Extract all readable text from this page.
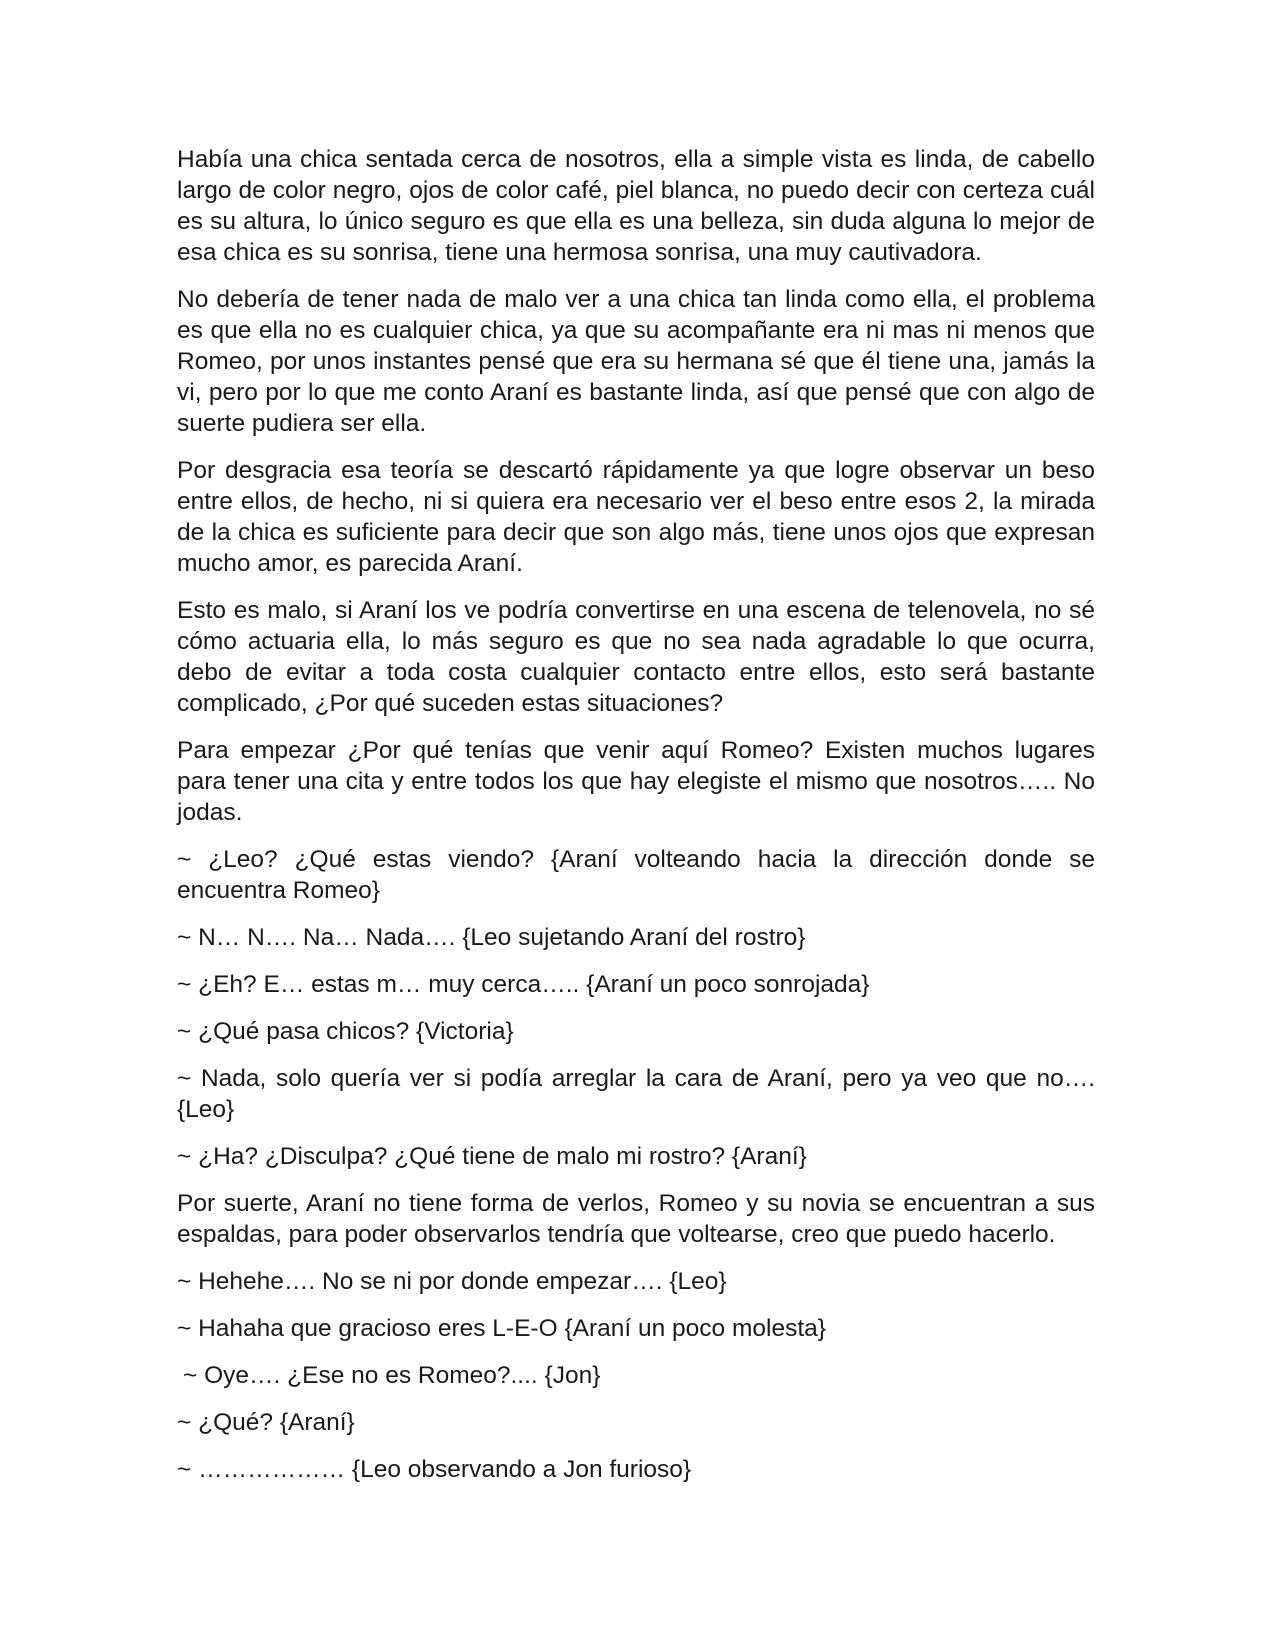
Había una chica sentada cerca de nosotros, ella a simple vista es linda, de cabello largo de color negro, ojos de color café, piel blanca, no puedo decir con certeza cuál es su altura, lo único seguro es que ella es una belleza, sin duda alguna lo mejor de esa chica es su sonrisa, tiene una hermosa sonrisa, una muy cautivadora.

No debería de tener nada de malo ver a una chica tan linda como ella, el problema es que ella no es cualquier chica, ya que su acompañante era ni mas ni menos que Romeo, por unos instantes pensé que era su hermana sé que él tiene una, jamás la vi, pero por lo que me conto Araní es bastante linda, así que pensé que con algo de suerte pudiera ser ella.

Por desgracia esa teoría se descartó rápidamente ya que logre observar un beso entre ellos, de hecho, ni si quiera era necesario ver el beso entre esos 2, la mirada de la chica es suficiente para decir que son algo más, tiene unos ojos que expresan mucho amor, es parecida Araní.

Esto es malo, si Araní los ve podría convertirse en una escena de telenovela, no sé cómo actuaria ella, lo más seguro es que no sea nada agradable lo que ocurra, debo de evitar a toda costa cualquier contacto entre ellos, esto será bastante complicado, ¿Por qué suceden estas situaciones?

Para empezar ¿Por qué tenías que venir aquí Romeo? Existen muchos lugares para tener una cita y entre todos los que hay elegiste el mismo que nosotros….. No jodas.

~ ¿Leo? ¿Qué estas viendo? {Araní volteando hacia la dirección donde se encuentra Romeo}

~ N… N…. Na… Nada…. {Leo sujetando Araní del rostro}

~ ¿Eh? E… estas m… muy cerca….. {Araní un poco sonrojada}

~ ¿Qué pasa chicos? {Victoria}

~ Nada, solo quería ver si podía arreglar la cara de Araní, pero ya veo que no…. {Leo}

~ ¿Ha? ¿Disculpa? ¿Qué tiene de malo mi rostro? {Araní}

Por suerte, Araní no tiene forma de verlos, Romeo y su novia se encuentran a sus espaldas, para poder observarlos tendría que voltearse, creo que puedo hacerlo.

~ Hehehe…. No se ni por donde empezar…. {Leo}

~ Hahaha que gracioso eres L-E-O {Araní un poco molesta}

~ Oye…. ¿Ese no es Romeo?.... {Jon}

~ ¿Qué? {Araní}

~ ……………… {Leo observando a Jon furioso}
